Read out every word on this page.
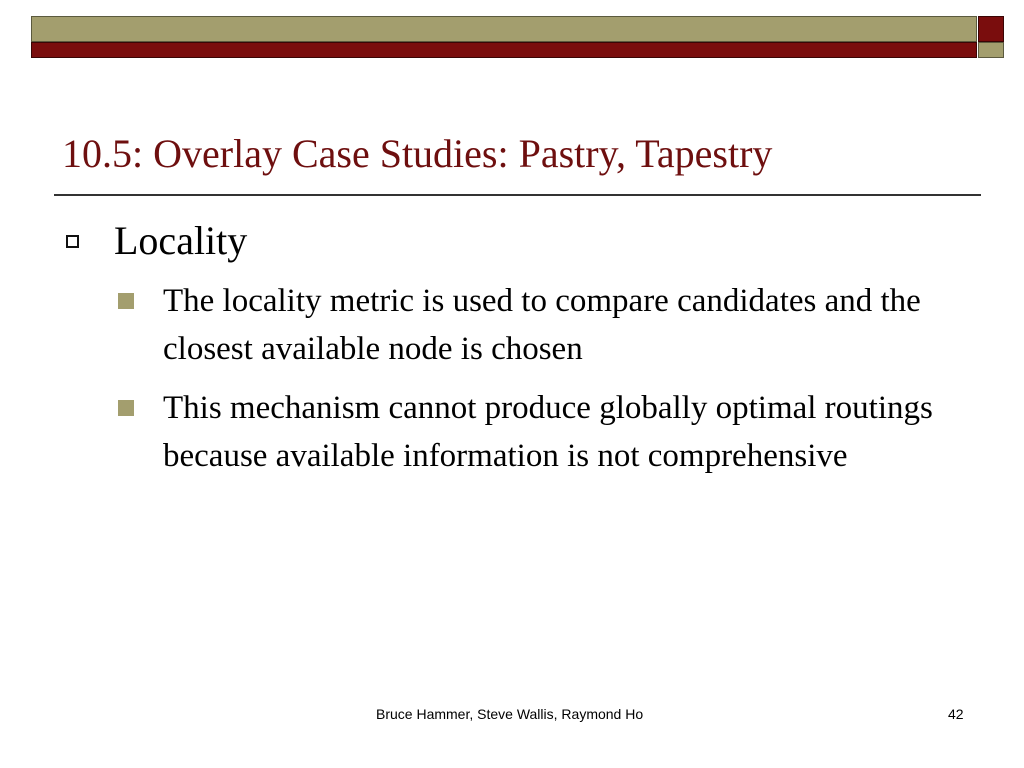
10.5: Overlay Case Studies: Pastry, Tapestry
Locality
The locality metric is used to compare candidates and the closest available node is chosen
This mechanism cannot produce globally optimal routings because available information is not comprehensive
Bruce Hammer, Steve Wallis, Raymond Ho	42
